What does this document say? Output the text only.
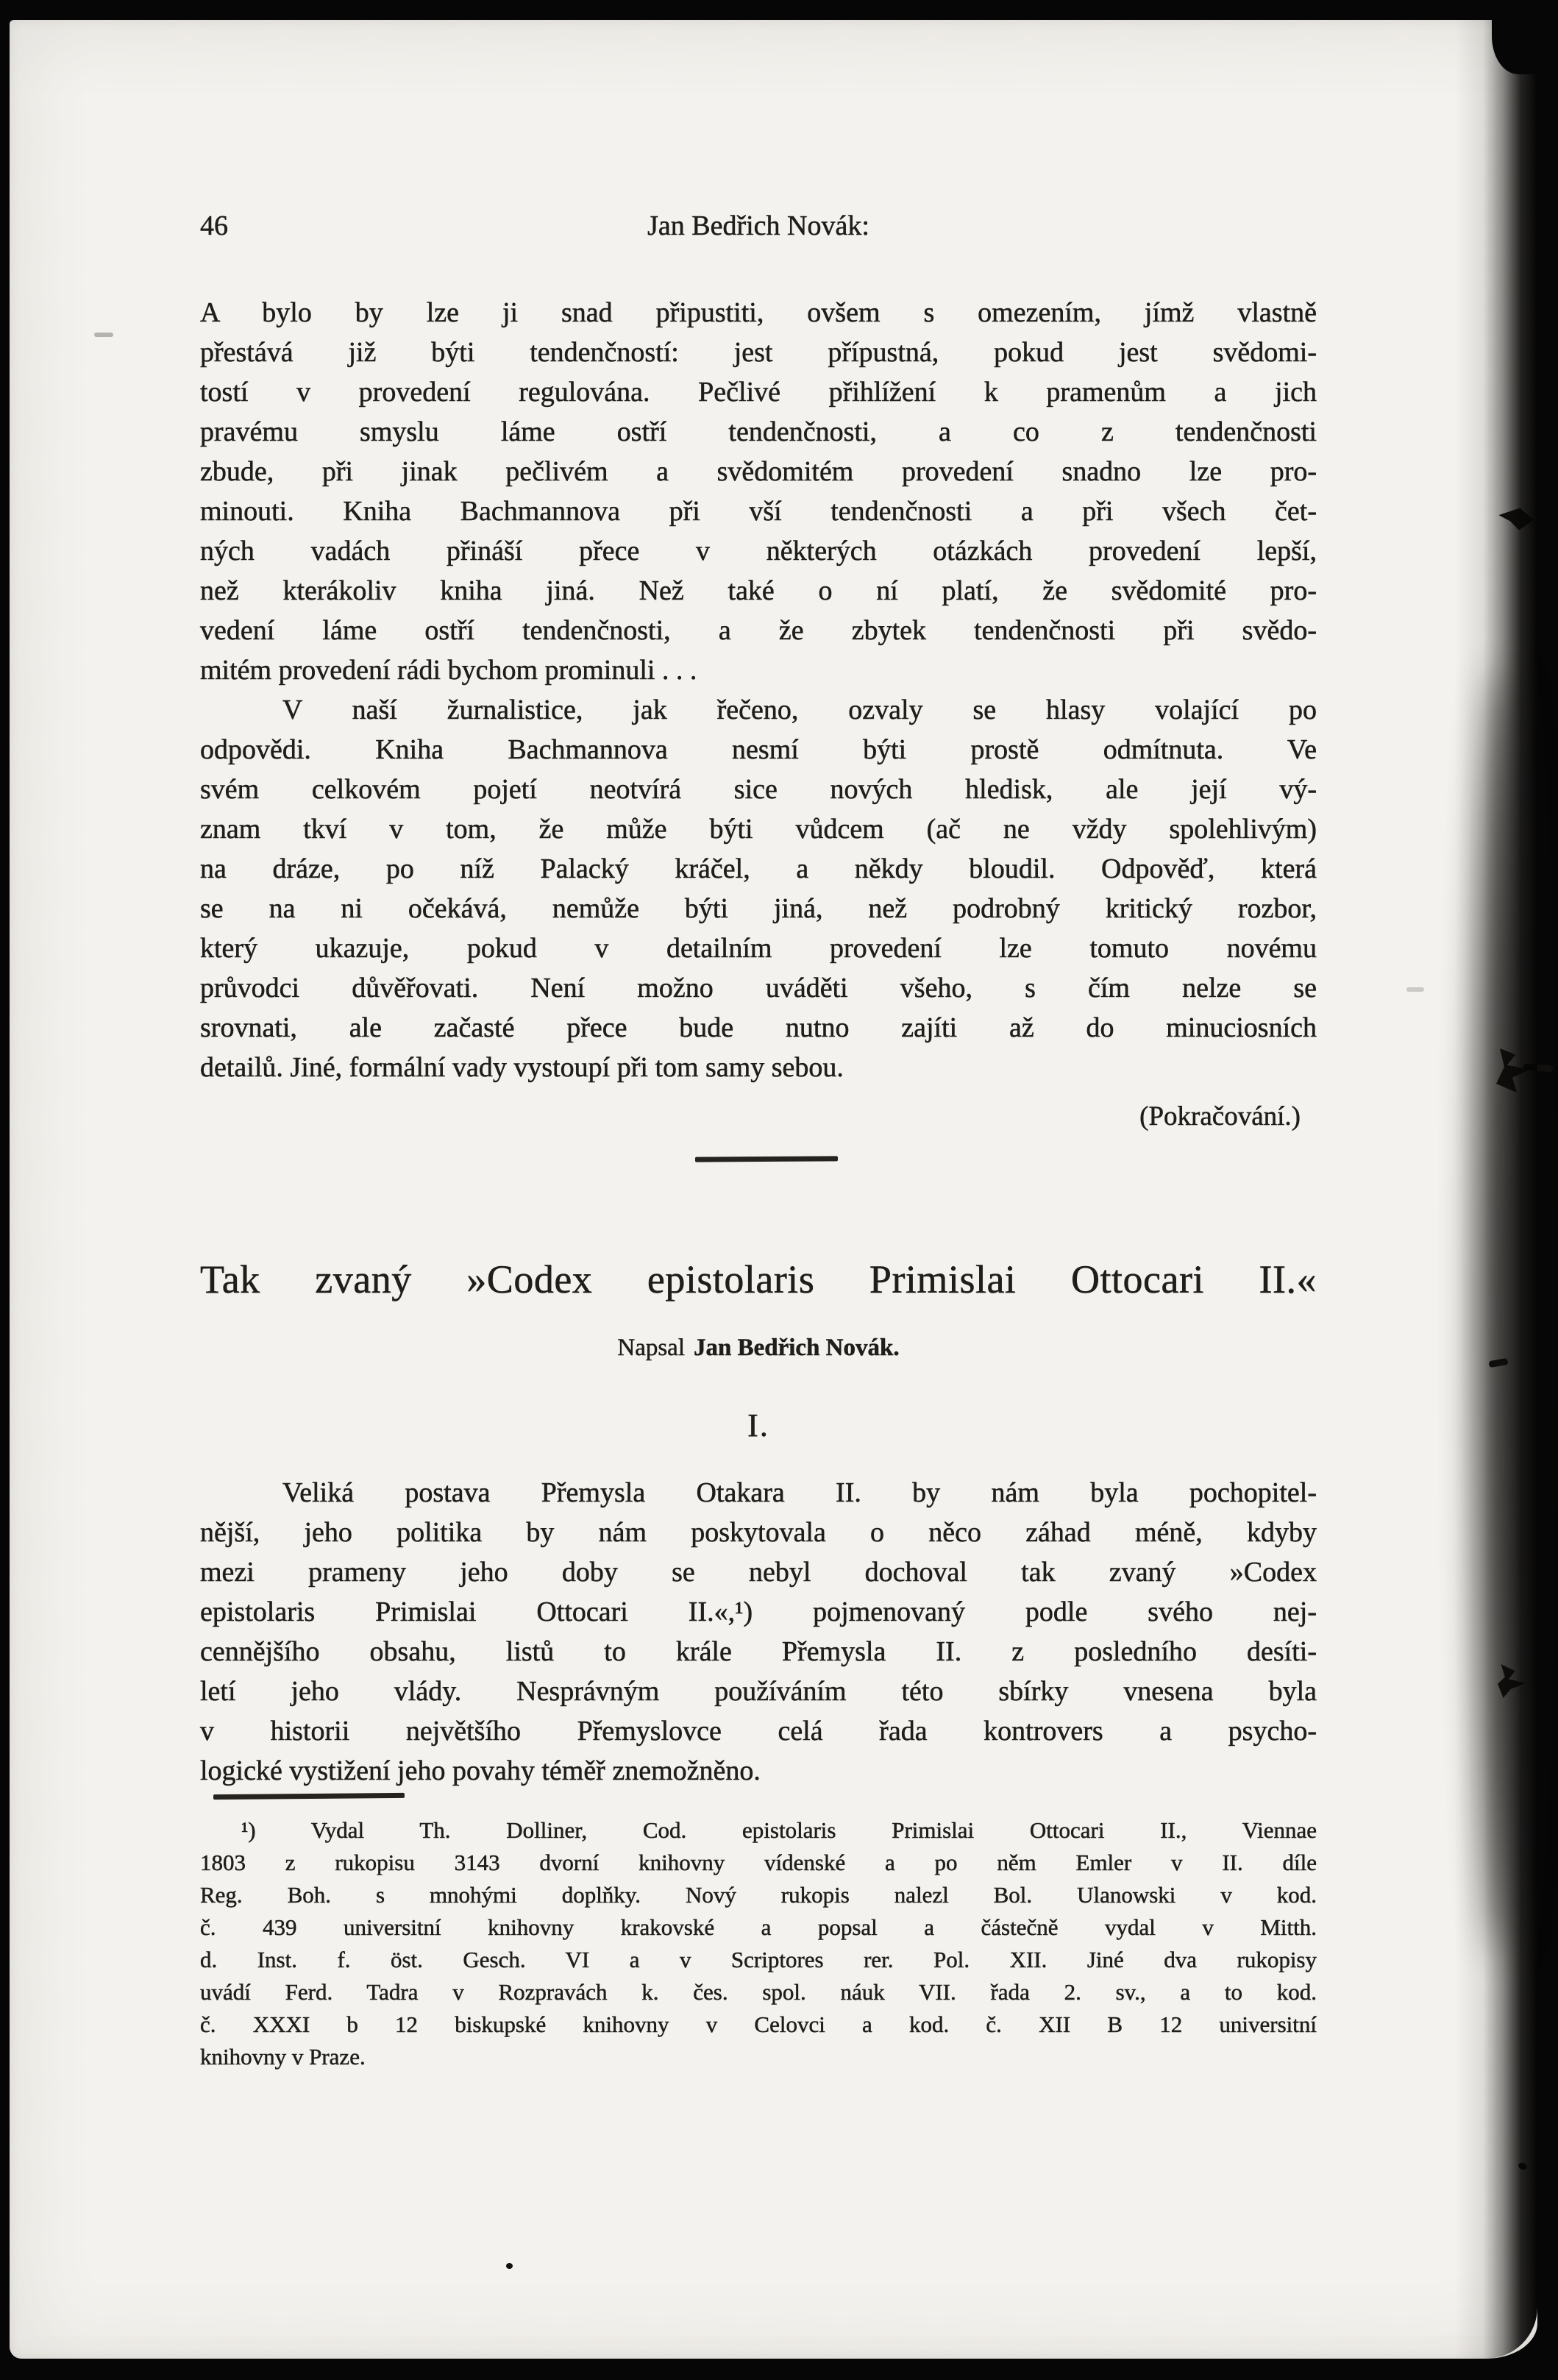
46	Jan Bedřich Novák:
A bylo by lze ji snad připustiti, ovšem s omezením, jímž vlastně
přestává již býti tendenčností: jest přípustná, pokud jest svědomi-
tostí v provedení regulována. Pečlivé přihlížení k pramenům a jich
pravému smyslu láme ostří tendenčnosti, a co z tendenčnosti
zbude, při jinak pečlivém a svědomitém provedení snadno lze pro-
minouti. Kniha Bachmannova při vší tendenčnosti a při všech čet-
ných vadách přináší přece v některých otázkách provedení lepší,
než kterákoliv kniha jiná. Než také o ní platí, že svědomité pro-
vedení láme ostří tendenčnosti, a že zbytek tendenčnosti při svědo-
mitém provedení rádi bychom prominuli . . .
V naší žurnalistice, jak řečeno, ozvaly se hlasy volající po
odpovědi. Kniha Bachmannova nesmí býti prostě odmítnuta. Ve
svém celkovém pojetí neotvírá sice nových hledisk, ale její vý-
znam tkví v tom, že může býti vůdcem (ač ne vždy spolehlivým)
na dráze, po níž Palacký kráčel, a někdy bloudil. Odpověď, která
se na ni očekává, nemůže býti jiná, než podrobný kritický rozbor,
který ukazuje, pokud v detailním provedení lze tomuto novému
průvodci důvěřovati. Není možno uváděti všeho, s čím nelze se
srovnati, ale začasté přece bude nutno zajíti až do minuciosních
detailů. Jiné, formální vady vystoupí při tom samy sebou.
(Pokračování.)
Tak zvaný »Codex epistolaris Primislai Ottocari II.«
Napsal Jan Bedřich Novák.
I.
Veliká postava Přemysla Otakara II. by nám byla pochopitel-
nější, jeho politika by nám poskytovala o něco záhad méně, kdyby
mezi prameny jeho doby se nebyl dochoval tak zvaný »Codex
epistolaris Primislai Ottocari II.«,¹) pojmenovaný podle svého nej-
cennějšího obsahu, listů to krále Přemysla II. z posledního desíti-
letí jeho vlády. Nesprávným používáním této sbírky vnesena byla
v historii největšího Přemyslovce celá řada kontrovers a psycho-
logické vystižení jeho povahy téměř znemožněno.
¹) Vydal Th. Dolliner, Cod. epistolaris Primislai Ottocari II., Viennae
1803 z rukopisu 3143 dvorní knihovny vídenské a po něm Emler v II. díle
Reg. Boh. s mnohými doplňky. Nový rukopis nalezl Bol. Ulanowski v kod.
č. 439 universitní knihovny krakovské a popsal a částečně vydal v Mitth.
d. Inst. f. öst. Gesch. VI a v Scriptores rer. Pol. XII. Jiné dva rukopisy
uvádí Ferd. Tadra v Rozpravách k. čes. spol. náuk VII. řada 2. sv., a to kod.
č. XXXI b 12 biskupské knihovny v Celovci a kod. č. XII B 12 universitní
knihovny v Praze.
